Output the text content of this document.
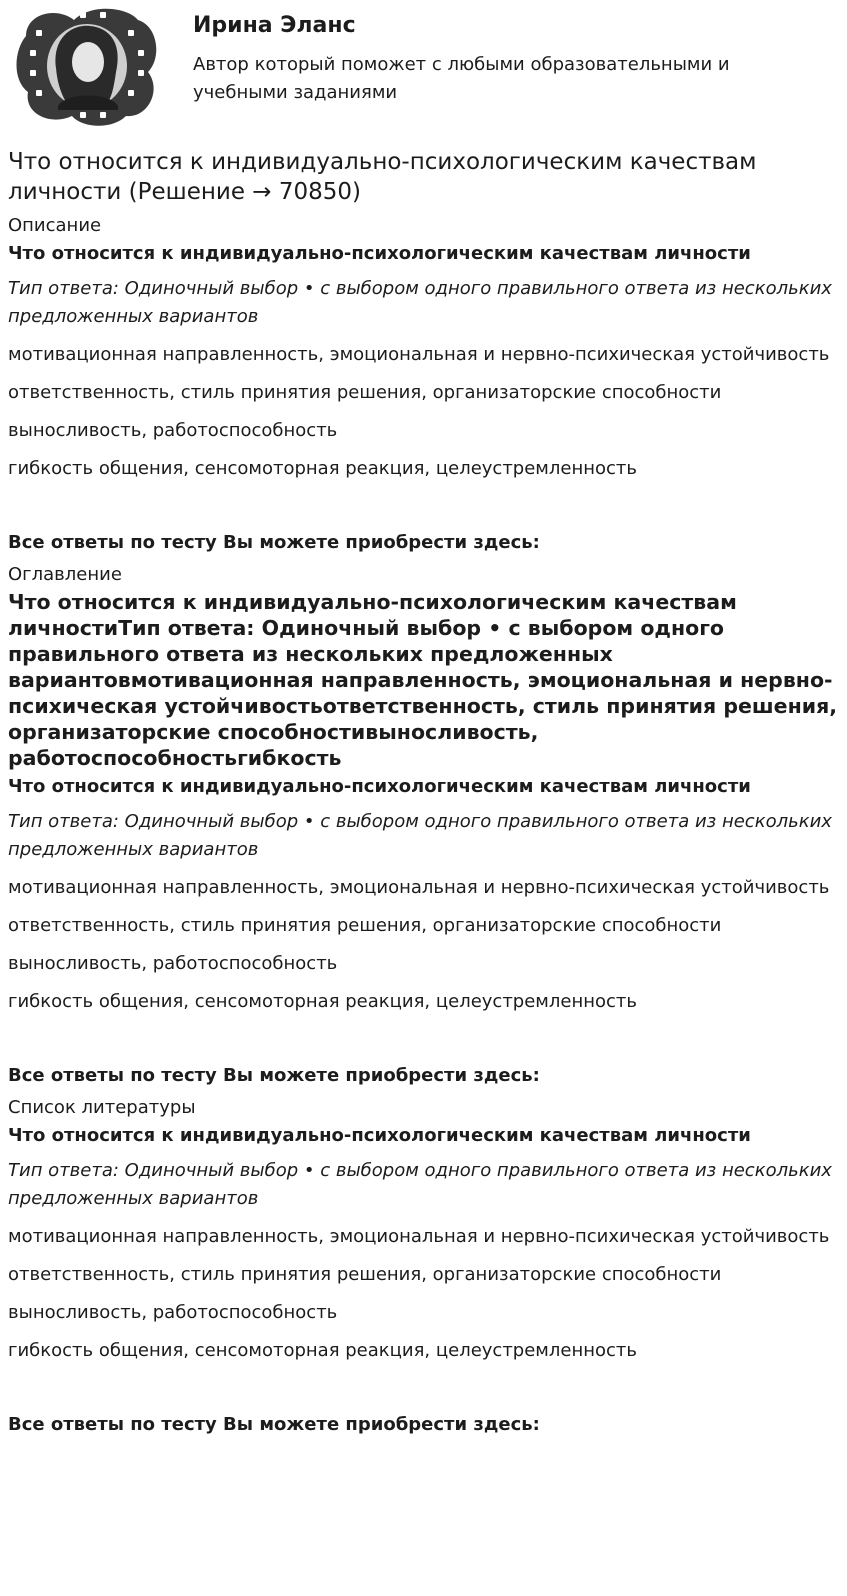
Ирина Эланс

Автор который поможет с любыми образовательными и учебными заданиями

Что относится к индивидуально-психологическим качествам личности (Решение → 70850)

Описание

Что относится к индивидуально-психологическим качествам личности

Тип ответа: Одиночный выбор • с выбором одного правильного ответа из нескольких предложенных вариантов

мотивационная направленность, эмоциональная и нервно-психическая устойчивость

ответственность, стиль принятия решения, организаторские способности

выносливость, работоспособность

гибкость общения, сенсомоторная реакция, целеустремленность

Все ответы по тесту Вы можете приобрести здесь:

Оглавление

Что относится к индивидуально-психологическим качествам личностиТип ответа: Одиночный выбор • с выбором одного правильного ответа из нескольких предложенных вариантовмотивационная направленность, эмоциональная и нервно-психическая устойчивостьответственность, стиль принятия решения, организаторские способностивыносливость, работоспособностьгибкость

Что относится к индивидуально-психологическим качествам личности

Тип ответа: Одиночный выбор • с выбором одного правильного ответа из нескольких предложенных вариантов

мотивационная направленность, эмоциональная и нервно-психическая устойчивость

ответственность, стиль принятия решения, организаторские способности

выносливость, работоспособность

гибкость общения, сенсомоторная реакция, целеустремленность

Все ответы по тесту Вы можете приобрести здесь:

Список литературы

Что относится к индивидуально-психологическим качествам личности

Тип ответа: Одиночный выбор • с выбором одного правильного ответа из нескольких предложенных вариантов

мотивационная направленность, эмоциональная и нервно-психическая устойчивость

ответственность, стиль принятия решения, организаторские способности

выносливость, работоспособность

гибкость общения, сенсомоторная реакция, целеустремленность

Все ответы по тесту Вы можете приобрести здесь:
